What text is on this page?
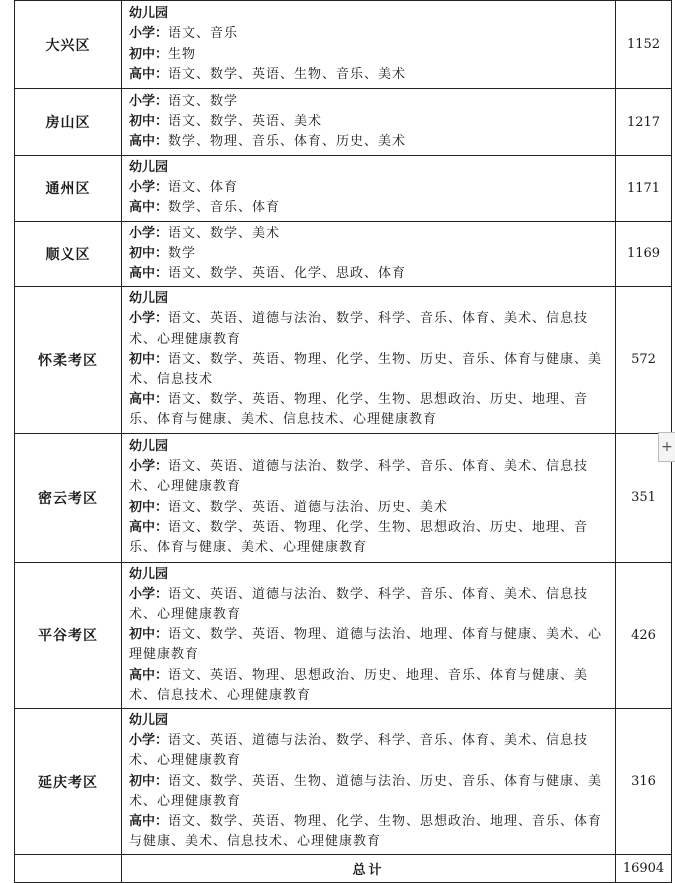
大兴区	幼儿园
小学：语文、音乐
初中：生物
高中：语文、数学、英语、生物、音乐、美术	1152
房山区	小学：语文、数学
初中：语文、数学、英语、美术
高中：数学、物理、音乐、体育、历史、美术	1217
通州区	幼儿园
小学：语文、体育
高中：数学、音乐、体育	1171
顺义区	小学：语文、数学、美术
初中：数学
高中：语文、数学、英语、化学、思政、体育	1169
怀柔考区	幼儿园
小学：语文、英语、道德与法治、数学、科学、音乐、体育、美术、信息技术、心理健康教育
初中：语文、数学、英语、物理、化学、生物、历史、音乐、体育与健康、美术、信息技术
高中：语文、数学、英语、物理、化学、生物、思想政治、历史、地理、音乐、体育与健康、美术、信息技术、心理健康教育	572
密云考区	幼儿园
小学：语文、英语、道德与法治、数学、科学、音乐、体育、美术、信息技术、心理健康教育
初中：语文、数学、英语、道德与法治、历史、美术
高中：语文、数学、英语、物理、化学、生物、思想政治、历史、地理、音乐、体育与健康、美术、心理健康教育	351
平谷考区	幼儿园
小学：语文、英语、道德与法治、数学、科学、音乐、体育、美术、信息技术、心理健康教育
初中：语文、数学、英语、物理、道德与法治、地理、体育与健康、美术、心理健康教育
高中：语文、英语、物理、思想政治、历史、地理、音乐、体育与健康、美术、信息技术、心理健康教育	426
延庆考区	幼儿园
小学：语文、英语、道德与法治、数学、科学、音乐、体育、美术、信息技术、心理健康教育
初中：语文、数学、英语、生物、道德与法治、历史、音乐、体育与健康、美术、心理健康教育
高中：语文、数学、英语、物理、化学、生物、思想政治、地理、音乐、体育与健康、美术、信息技术、心理健康教育	316
	总计	16904
+
